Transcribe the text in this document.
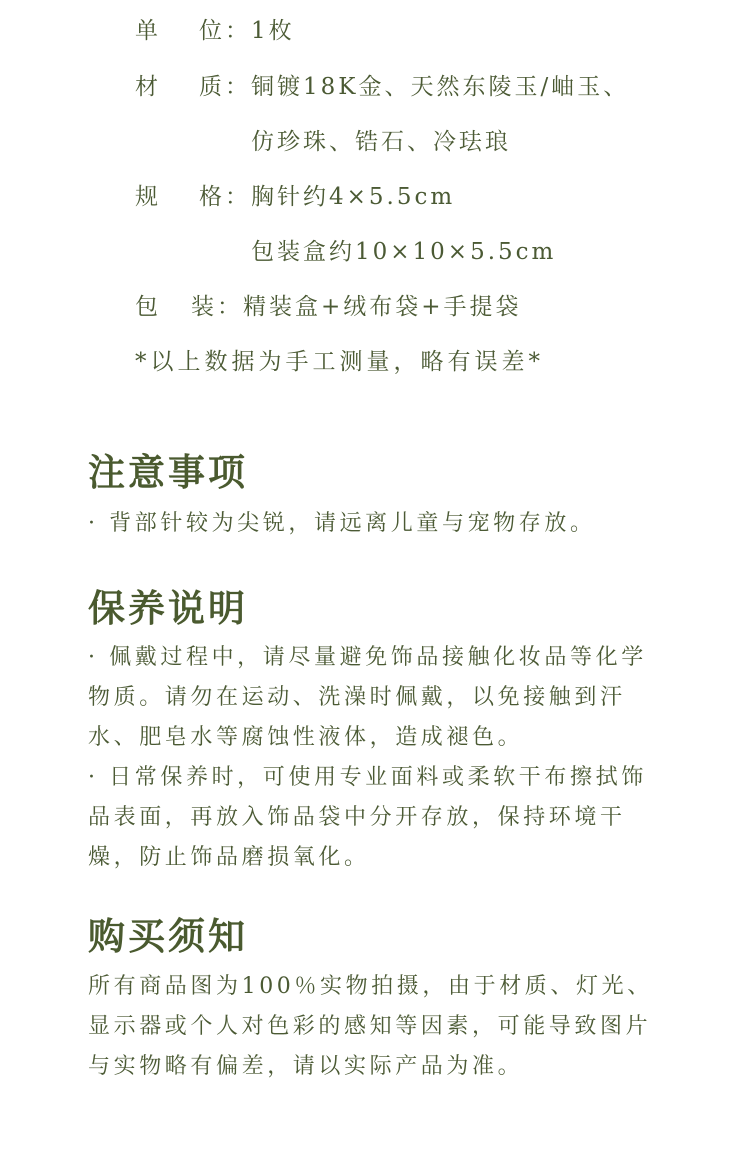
单 位 ： 1枚
材 质 ： 铜镀18K金、天然东陵玉/岫玉、
仿珍珠、锆石、冷珐琅
规 格 ： 胸针约4×5.5cm
包装盒约10×10×5.5cm
包 装 ： 精装盒+绒布袋+手提袋
*以上数据为手工测量，略有误差*
注意事项

· 背部针较为尖锐，请远离儿童与宠物存放。

保养说明

· 佩戴过程中，请尽量避免饰品接触化妆品等化学物质。请勿在运动、洗澡时佩戴，以免接触到汗水、肥皂水等腐蚀性液体，造成褪色。

· 日常保养时，可使用专业面料或柔软干布擦拭饰品表面，再放入饰品袋中分开存放，保持环境干燥，防止饰品磨损氧化。

购买须知
所有商品图为100％实物拍摄，由于材质、灯光、显示器或个人对色彩的感知等因素，可能导致图片与实物略有偏差，请以实际产品为准。
